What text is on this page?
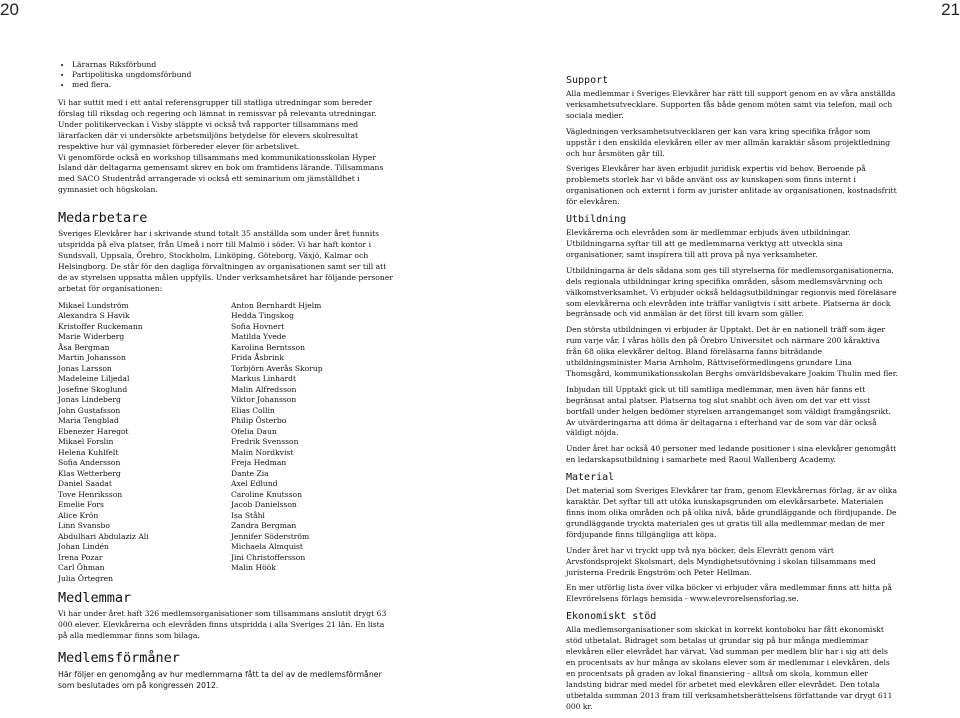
20	21
• Lärarnas Riksförbund
• Partipolitiska ungdomsförbund
• med flera.

Vi har suttit med i ett antal referensgrupper till statliga utredningar som bereder förslag till riksdag och regering och lämnat in remissvar på relevanta utredningar. Under politikerveckan i Visby släppte vi också två rapporter tillsammans med lärarfacken där vi undersökte arbetsmiljöns betydelse för elevers skolresultat respektive hur väl gymnasiet förbereder elever för arbetslivet.

Vi genomförde också en workshop tillsammans med kommunikationsskolan Hyper Island där deltagarna gemensamt skrev en bok om framtidens lärande. Tillsammans med SACO Studentråd arrangerade vi också ett seminarium om jämställdhet i gymnasiet och högskolan.

Medarbetare

Sveriges Elevkårer har i skrivande stund totalt 35 anställda som under året funnits utspridda på elva platser, från Umeå i norr till Malmö i söder. Vi har haft kontor i Sundsvall, Uppsala, Örebro, Stockholm, Linköping, Göteborg, Växjö, Kalmar och Helsingborg. De står för den dagliga förvaltningen av organisationen samt ser till att de av styrelsen uppsatta målen uppfylls. Under verksamhetsåret har följande personer arbetat för organisationen:

Mikael Lundström
Alexandra S Havik
Kristoffer Ruckemann
Marie Widerberg
Åsa Bergman
Martin Johansson
Jonas Larsson
Madeleine Liljedal
Josefine Skoglund
Jonas Lindeberg
John Gustafsson
Maria Tengblad
Ebenezer Haregot
Mikael Forslin
Helena Kuhlfelt
Sofia Andersson
Klas Wetterberg
Daniel Saadat
Tove Henriksson
Emelie Fors
Alice Krön
Linn Svansbo
Abdulhari Abdulaziz Ali
Johan Lindén
Irena Pozar
Carl Öhman
Julia Örtegren
Anton Bernhardt Hjelm
Hedda Tingskog
Sofia Hovnert
Matilda Yvede
Karolina Berntsson
Frida Åsbrink
Torbjörn Averås Skorup
Markus Linhardt
Malin Alfredsson
Viktor Johansson
Elias Collin
Philip Österbo
Ofelia Daun
Fredrik Svensson
Malin Nordkvist
Freja Hedman
Dante Zia
Axel Edlund
Caroline Knutsson
Jacob Danielsson
Isa Ståhl
Zandra Bergman
Jennifer Söderström
Michaela Almquist
Jini Christoffersson
Malin Höök
Medlemmar

Vi har under året haft 326 medlemsorganisationer som tillsammans anslutit drygt 63 000 elever. Elevkårerna och elevråden finns utspridda i alla Sveriges 21 län. En lista på alla medlemmar finns som bilaga.

Medlemsförmåner

Här följer en genomgång av hur medlemmarna fått ta del av de medlemsförmåner som beslutades om på kongressen 2012.

Support

Alla medlemmar i Sveriges Elevkårer har rätt till support genom en av våra anställda verksamhetsutvecklare. Supporten fås både genom möten samt via telefon, mail och sociala medier.

Vägledningen verksamhetsutvecklaren ger kan vara kring specifika frågor som uppstår i den enskilda elevkåren eller av mer allmän karaktär såsom projektledning och hur årsmöten går till.

Sveriges Elevkårer har även erbjudit juridisk expertis vid behov. Beroende på problemets storlek har vi både använt oss av kunskapen som finns internt i organisationen och externt i form av jurister anlitade av organisationen, kostnadsfritt för elevkåren.

Utbildning

Elevkårerna och elevråden som är medlemmar erbjuds även utbildningar. Utbildningarna syftar till att ge medlemmarna verktyg att utveckla sina organisationer, samt inspirera till att prova på nya verksamheter.

Utbildningarna är dels sådana som ges till styrelserna för medlemsorganisationerna, dels regionala utbildningar kring specifika områden, såsom medlemsvärvning och välkomstverksamhet. Vi erbjuder också heldagsutbildningar regionvis med föreläsare som elevkårerna och elevråden inte träffar vanligtvis i sitt arbete. Platserna är dock begränsade och vid anmälan är det först till kvarn som gäller.

Den största utbildningen vi erbjuder är Upptakt. Det är en nationell träff som äger rum varje vår. I våras hölls den på Örebro Universitet och närmare 200 kåraktiva från 68 olika elevkårer deltog. Bland föreläsarna fanns biträdande utbildningsminister Maria Arnholm, Rättviseförmedlingens grundare Lina Thomsgård, kommunikationsskolan Berghs omvärldsbevakare Joakim Thulin med fler.

Inbjudan till Upptakt gick ut till samtliga medlemmar, men även här fanns ett begränsat antal platser. Platserna tog slut snabbt och även om det var ett visst bortfall under helgen bedömer styrelsen arrangemanget som väldigt framgångsrikt. Av utvärderingarna att döma är deltagarna i efterhand var de som var där också väldigt nöjda.

Under året har också 40 personer med ledande positioner i sina elevkårer genomgått en ledarskapsutbildning i samarbete med Raoul Wallenberg Academy.

Material

Det material som Sveriges Elevkårer tar fram, genom Elevkårernas förlag, är av olika karaktär. Det syftar till att utöka kunskapsgrunden om elevkårsarbete. Materialen finns inom olika områden och på olika nivå, både grundläggande och fördjupande. De grundläggande tryckta materialen ges ut gratis till alla medlemmar medan de mer fördjupande finns tillgängliga att köpa.

Under året har vi tryckt upp två nya böcker, dels Elevrätt genom värt Arvsfondsprojekt Skolsmart, dels Myndighetsutövning i skolan tillsammans med juristerna Fredrik Engström och Peter Hellman.

En mer utförlig lista över vilka böcker vi erbjuder våra medlemmar finns att hitta på Elevrörelsens förlags hemsida - www.elevrorelsensforlag.se.

Ekonomiskt stöd

Alla medlemsorganisationer som skickat in korrekt kontoboku har fått ekonomiskt stöd utbetalat. Bidraget som betalas ut grundar sig på hur många medlemmar elevkåren eller elevrådet har värvat. Vad summan per medlem blir har i sig att dels en procentsats av hur många av skolans elever som är medlemmar i elevkåren, dels en procentsats på graden av lokal finansiering - alltså om skola, kommun eller landsting bidrar med medel för arbetet med elevkåren eller elevrådet. Den totala utbetalda summan 2013 fram till verksamhetsberättelsens författande var drygt 611 000 kr.
